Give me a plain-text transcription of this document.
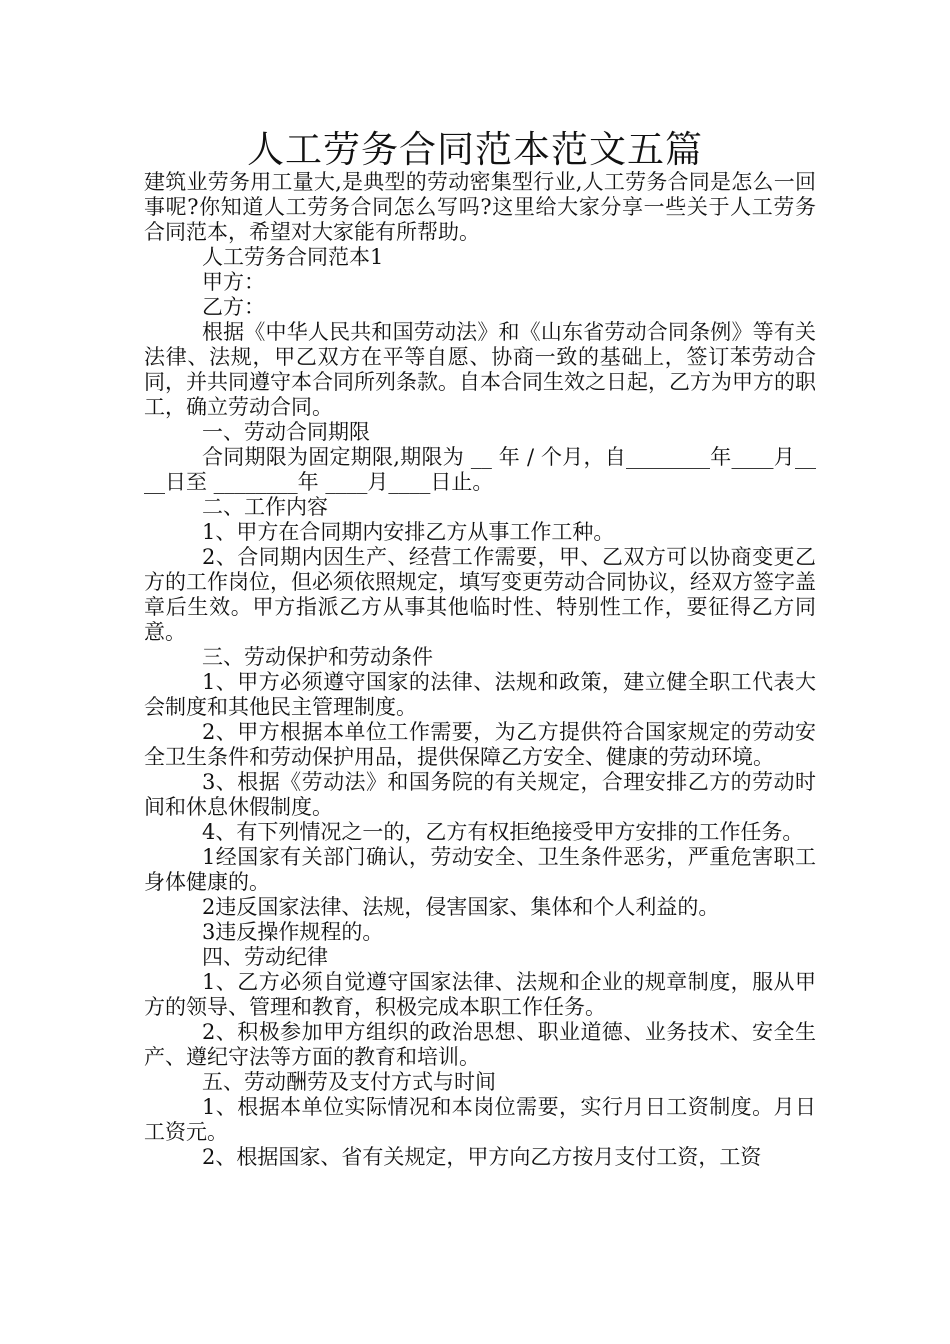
人工劳务合同范本范文五篇

建筑业劳务用工量大,是典型的劳动密集型行业,人工劳务合同是怎么一回事呢?你知道人工劳务合同怎么写吗?这里给大家分享一些关于人工劳务合同范本，希望对大家能有所帮助。

人工劳务合同范本1

甲方：

乙方：

根据《中华人民共和国劳动法》和《山东省劳动合同条例》等有关法律、法规，甲乙双方在平等自愿、协商一致的基础上，签订苯劳动合同，并共同遵守本合同所列条款。自本合同生效之日起，乙方为甲方的职工，确立劳动合同。

一、劳动合同期限

合同期限为固定期限,期限为 __ 年 / 个月，自________年____月____日至 ________年 ____月____日止。

二、工作内容

1、甲方在合同期内安排乙方从事工作工种。

2、合同期内因生产、经营工作需要，甲、乙双方可以协商变更乙方的工作岗位，但必须依照规定，填写变更劳动合同协议，经双方签字盖章后生效。甲方指派乙方从事其他临时性、特别性工作，要征得乙方同意。

三、劳动保护和劳动条件

1、甲方必须遵守国家的法律、法规和政策，建立健全职工代表大会制度和其他民主管理制度。

2、甲方根据本单位工作需要，为乙方提供符合国家规定的劳动安全卫生条件和劳动保护用品，提供保障乙方安全、健康的劳动环境。

3、根据《劳动法》和国务院的有关规定，合理安排乙方的劳动时间和休息休假制度。

4、有下列情况之一的，乙方有权拒绝接受甲方安排的工作任务。

1经国家有关部门确认，劳动安全、卫生条件恶劣，严重危害职工身体健康的。

2违反国家法律、法规，侵害国家、集体和个人利益的。

3违反操作规程的。

四、劳动纪律

1、乙方必须自觉遵守国家法律、法规和企业的规章制度，服从甲方的领导、管理和教育，积极完成本职工作任务。

2、积极参加甲方组织的政治思想、职业道德、业务技术、安全生产、遵纪守法等方面的教育和培训。

五、劳动酬劳及支付方式与时间

1、根据本单位实际情况和本岗位需要，实行月日工资制度。月日工资元。

2、根据国家、省有关规定，甲方向乙方按月支付工资，工资
